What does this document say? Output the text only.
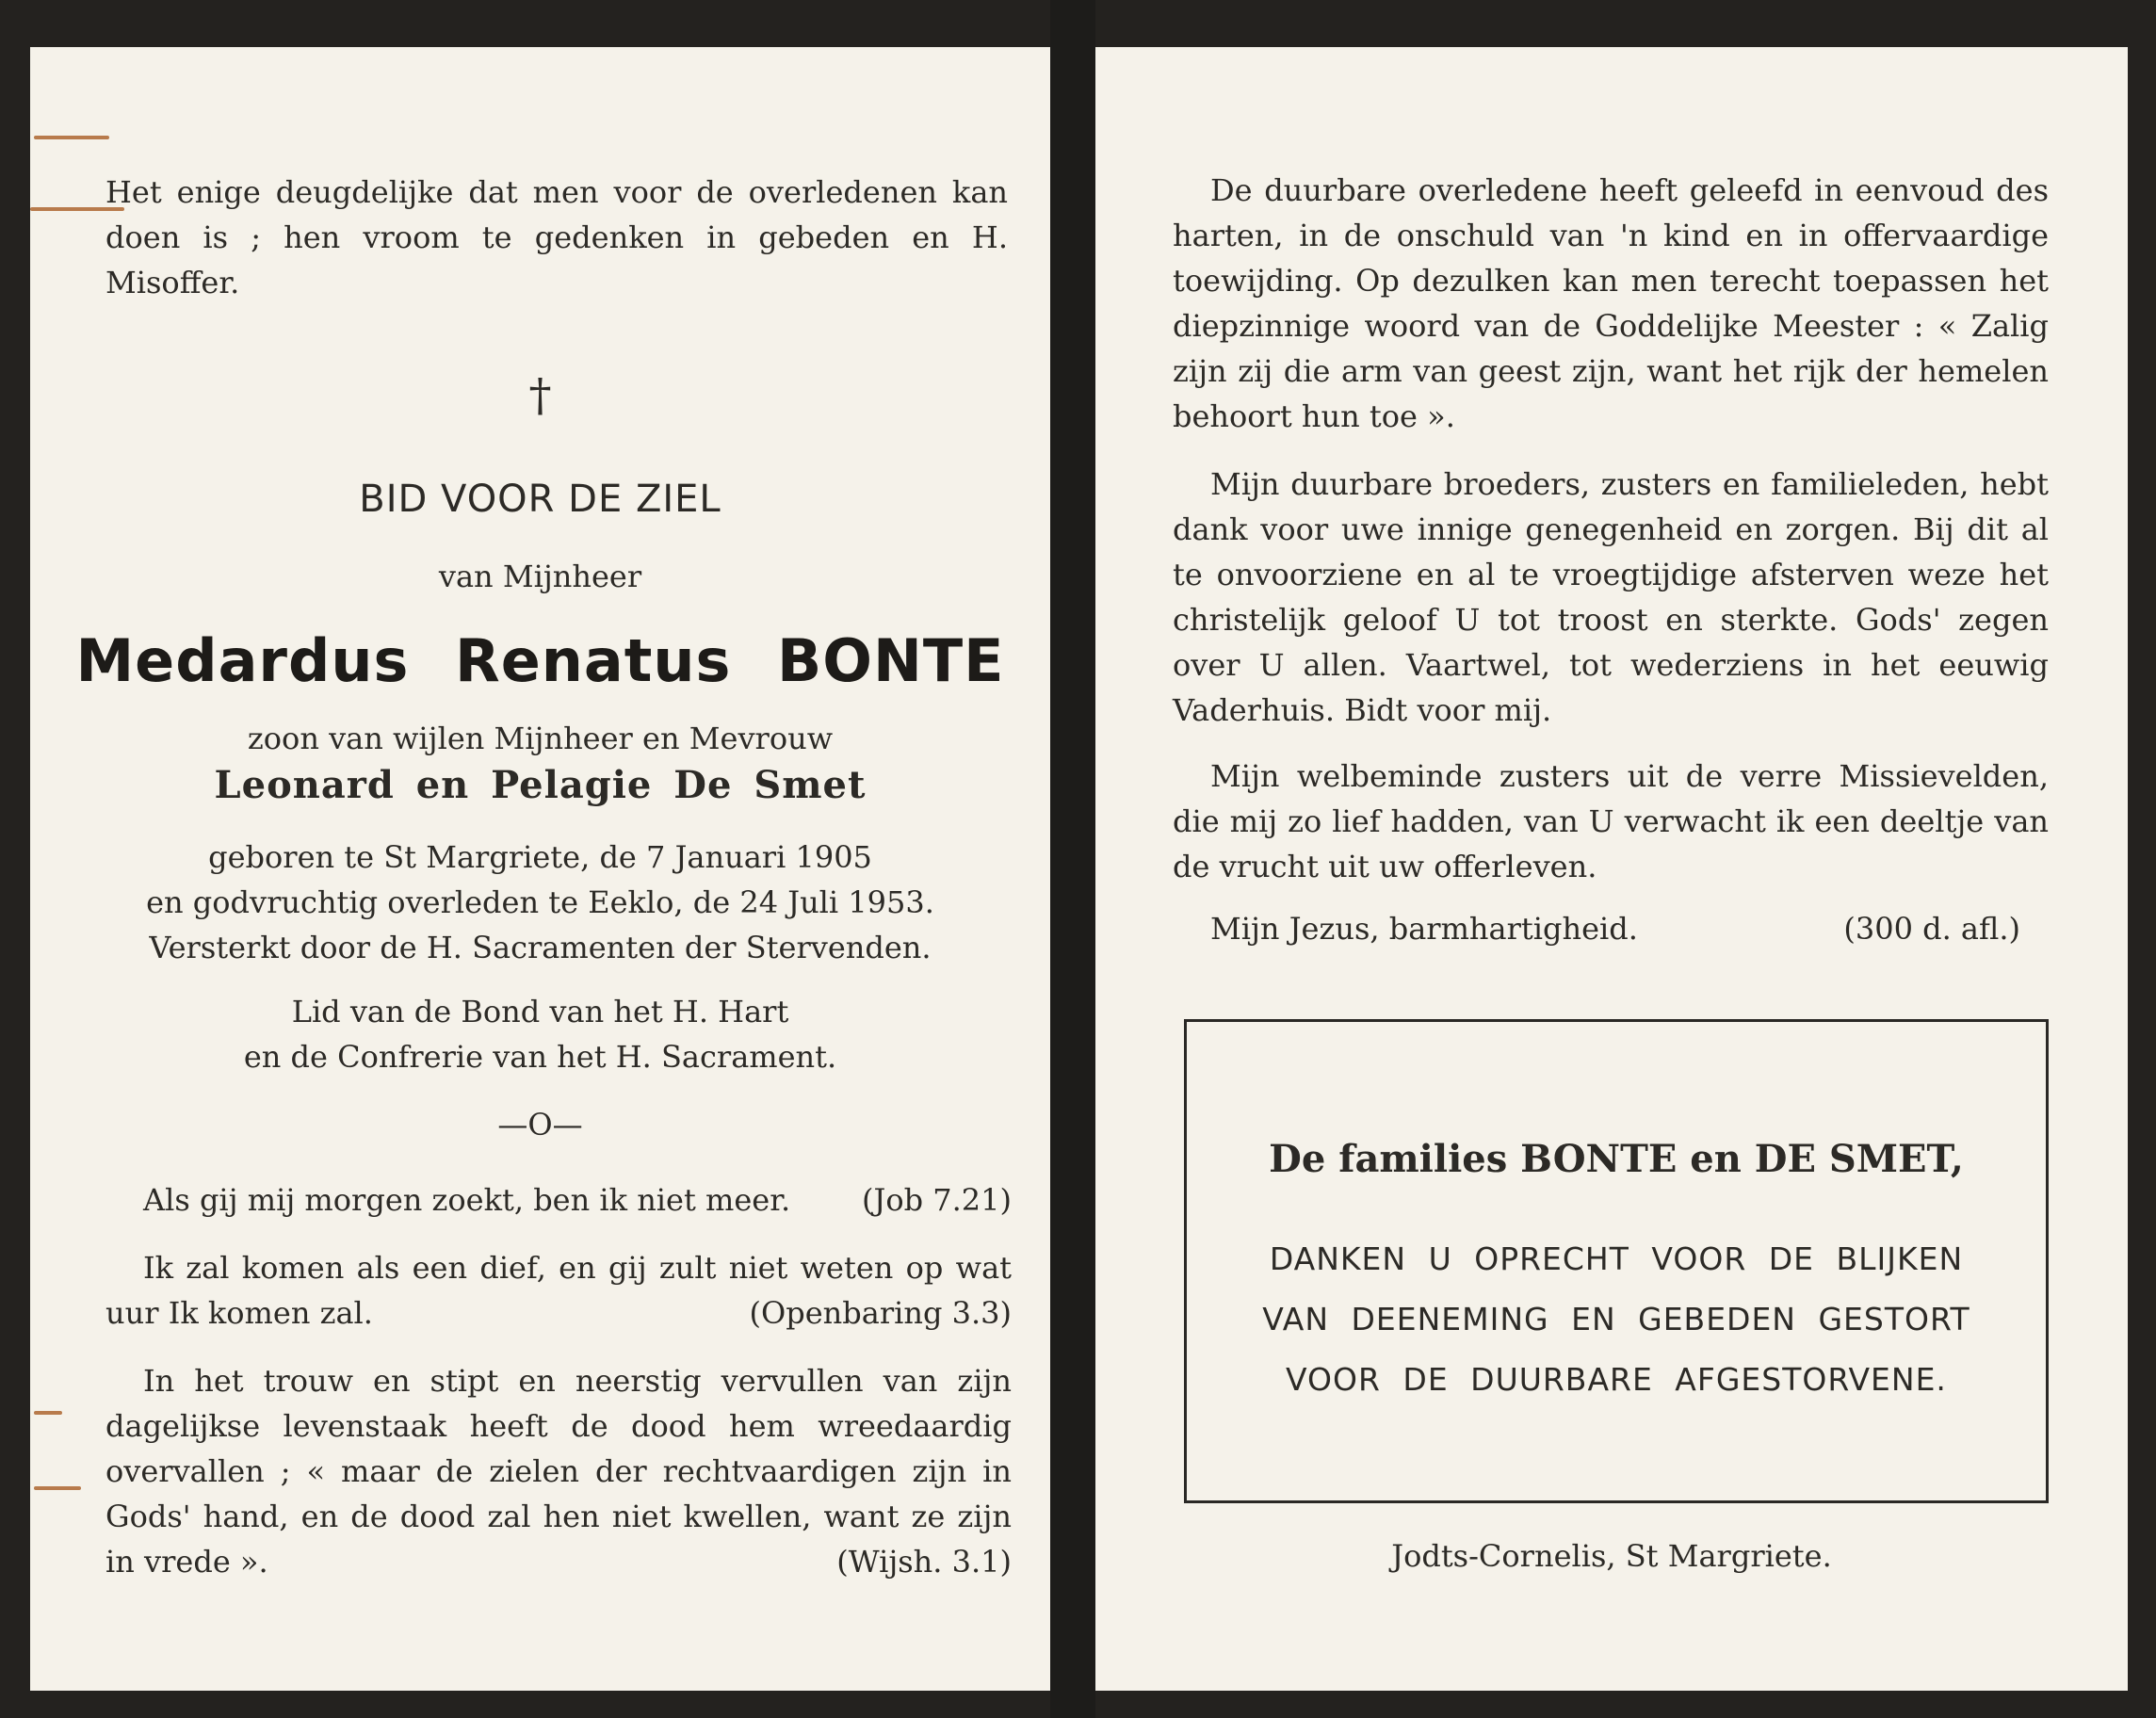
Het enige deugdelijke dat men voor de overledenen kan doen is ; hen vroom te gedenken in gebeden en H. Misoffer.

†
BID VOOR DE ZIEL
van Mijnheer
Medardus Renatus BONTE
zoon van wijlen Mijnheer en Mevrouw
Leonard en Pelagie De Smet
geboren te St Margriete, de 7 Januari 1905
en godvruchtig overleden te Eeklo, de 24 Juli 1953.
Versterkt door de H. Sacramenten der Stervenden.
Lid van de Bond van het H. Hart
en de Confrerie van het H. Sacrament.
—O—
Als gij mij morgen zoekt, ben ik niet meer. (Job 7.21)

Ik zal komen als een dief, en gij zult niet weten op wat uur Ik komen zal.	(Openbaring 3.3)

In het trouw en stipt en neerstig vervullen van zijn dagelijkse levenstaak heeft de dood hem wreedaardig overvallen ; « maar de zielen der rechtvaardigen zijn in Gods' hand, en de dood zal hen niet kwellen, want ze zijn in vrede ».	(Wijsh. 3.1)

De duurbare overledene heeft geleefd in eenvoud des harten, in de onschuld van 'n kind en in offervaardige toewijding. Op dezulken kan men terecht toepassen het diepzinnige woord van de Goddelijke Meester : « Zalig zijn zij die arm van geest zijn, want het rijk der hemelen behoort hun toe ».

Mijn duurbare broeders, zusters en familieleden, hebt dank voor uwe innige genegenheid en zorgen. Bij dit al te onvoorziene en al te vroegtijdige afsterven weze het christelijk geloof U tot troost en sterkte. Gods' zegen over U allen. Vaartwel, tot wederziens in het eeuwig Vaderhuis. Bidt voor mij.

Mijn welbeminde zusters uit de verre Missievelden, die mij zo lief hadden, van U verwacht ik een deeltje van de vrucht uit uw offerleven.

Mijn Jezus, barmhartigheid.	(300 d. afl.)
De families BONTE en DE SMET,
DANKEN U OPRECHT VOOR DE BLIJKEN
VAN DEENEMING EN GEBEDEN GESTORT
VOOR DE DUURBARE AFGESTORVENE.
Jodts-Cornelis, St Margriete.
